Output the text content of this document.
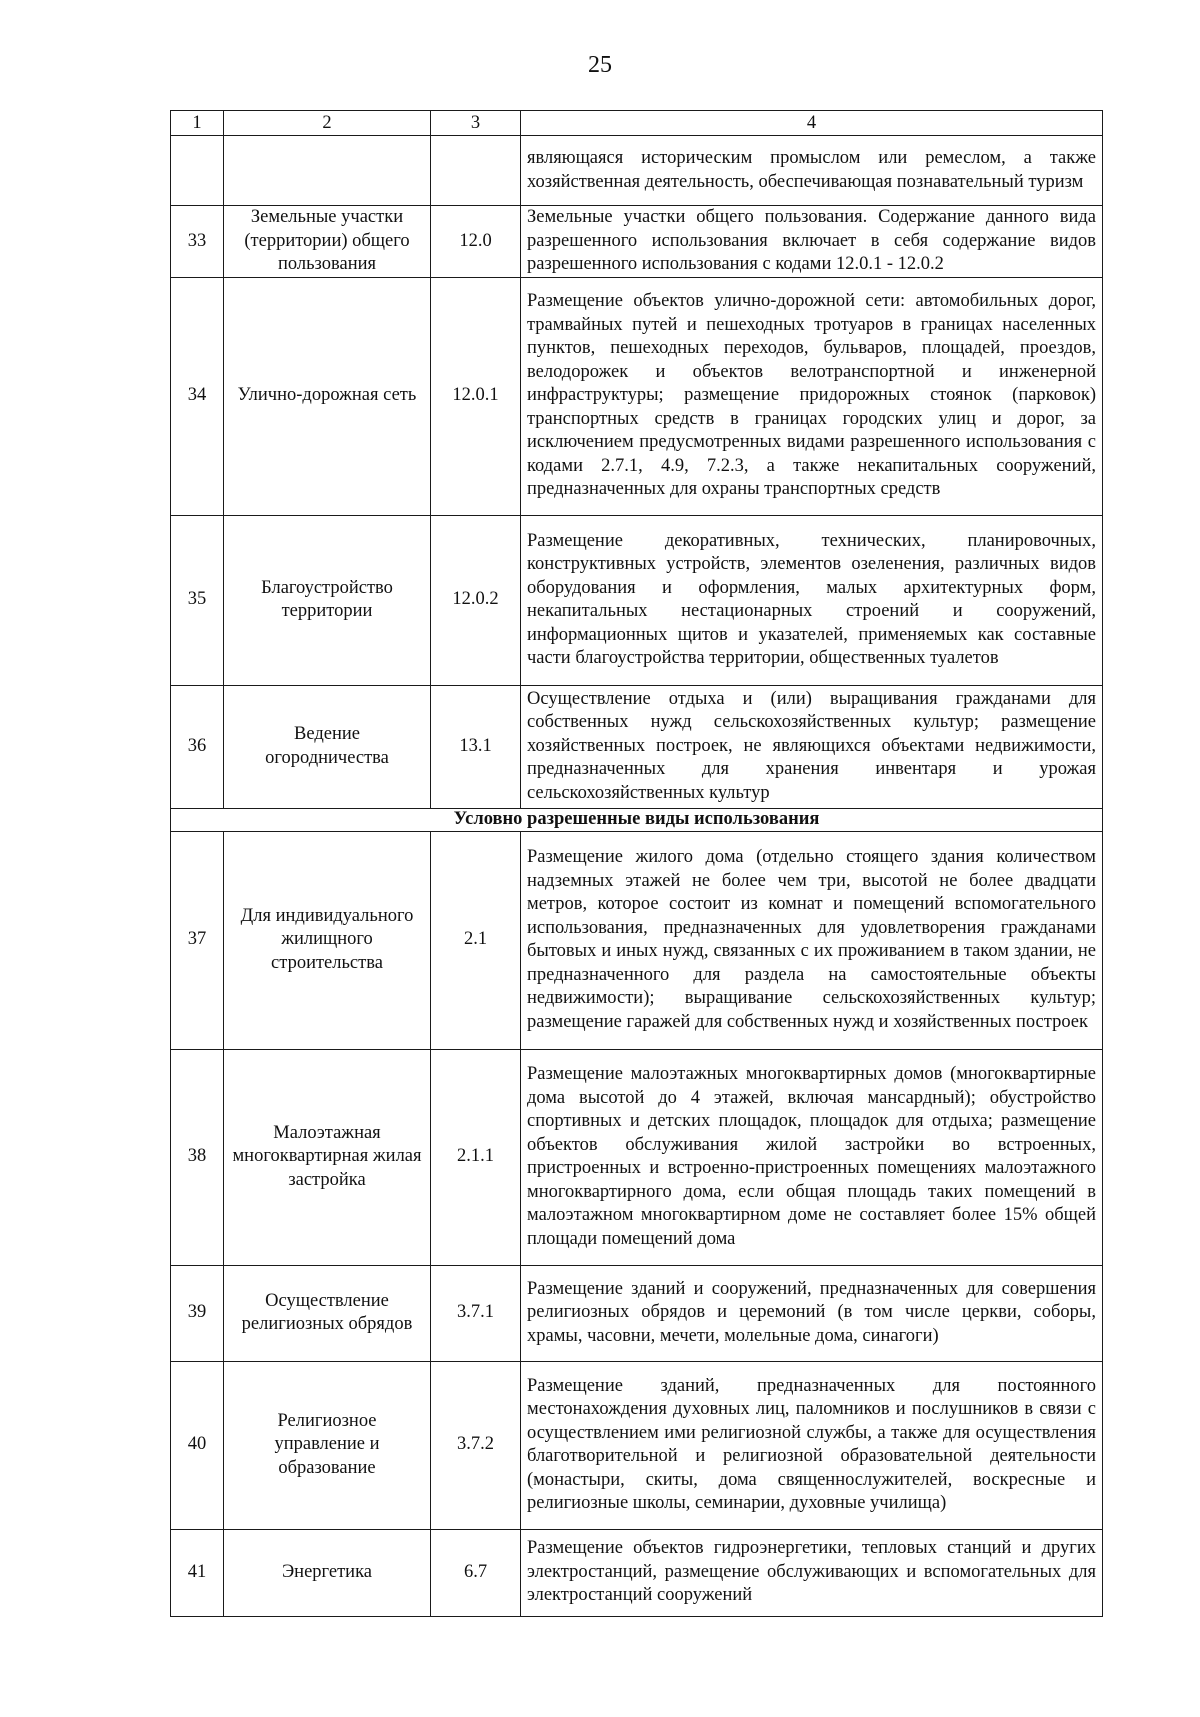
25
1	2	3	4
			являющаяся историческим промыслом или ремеслом, а также хозяйственная деятельность, обеспечивающая познавательный туризм
33	Земельные участки (территории) общего пользования	12.0	Земельные участки общего пользования. Содержание данного вида разрешенного использования включает в себя содержание видов разрешенного использования с кодами 12.0.1 - 12.0.2
34	Улично-дорожная сеть	12.0.1	Размещение объектов улично-дорожной сети: автомобильных дорог, трамвайных путей и пешеходных тротуаров в границах населенных пунктов, пешеходных переходов, бульваров, площадей, проездов, велодорожек и объектов велотранспортной и инженерной инфраструктуры; размещение придорожных стоянок (парковок) транспортных средств в границах городских улиц и дорог, за исключением предусмотренных видами разрешенного использования с кодами 2.7.1, 4.9, 7.2.3, а также некапитальных сооружений, предназначенных для охраны транспортных средств
35	Благоустройство территории	12.0.2	Размещение декоративных, технических, планировочных, конструктивных устройств, элементов озеленения, различных видов оборудования и оформления, малых архитектурных форм, некапитальных нестационарных строений и сооружений, информационных щитов и указателей, применяемых как составные части благоустройства территории, общественных туалетов
36	Ведение огородничества	13.1	Осуществление отдыха и (или) выращивания гражданами для собственных нужд сельскохозяйственных культур; размещение хозяйственных построек, не являющихся объектами недвижимости, предназначенных для хранения инвентаря и урожая сельскохозяйственных культур
Условно разрешенные виды использования			
37	Для индивидуального жилищного строительства	2.1	Размещение жилого дома (отдельно стоящего здания количеством надземных этажей не более чем три, высотой не более двадцати метров, которое состоит из комнат и помещений вспомогательного использования, предназначенных для удовлетворения гражданами бытовых и иных нужд, связанных с их проживанием в таком здании, не предназначенного для раздела на самостоятельные объекты недвижимости); выращивание сельскохозяйственных культур; размещение гаражей для собственных нужд и хозяйственных построек
38	Малоэтажная многоквартирная жилая застройка	2.1.1	Размещение малоэтажных многоквартирных домов (многоквартирные дома высотой до 4 этажей, включая мансардный); обустройство спортивных и детских площадок, площадок для отдыха; размещение объектов обслуживания жилой застройки во встроенных, пристроенных и встроенно-пристроенных помещениях малоэтажного многоквартирного дома, если общая площадь таких помещений в малоэтажном многоквартирном доме не составляет более 15% общей площади помещений дома
39	Осуществление религиозных обрядов	3.7.1	Размещение зданий и сооружений, предназначенных для совершения религиозных обрядов и церемоний (в том числе церкви, соборы, храмы, часовни, мечети, молельные дома, синагоги)
40	Религиозное управление и образование	3.7.2	Размещение зданий, предназначенных для постоянного местонахождения духовных лиц, паломников и послушников в связи с осуществлением ими религиозной службы, а также для осуществления благотворительной и религиозной образовательной деятельности (монастыри, скиты, дома священнослужителей, воскресные и религиозные школы, семинарии, духовные училища)
41	Энергетика	6.7	Размещение объектов гидроэнергетики, тепловых станций и других электростанций, размещение обслуживающих и вспомогательных для электростанций сооружений
